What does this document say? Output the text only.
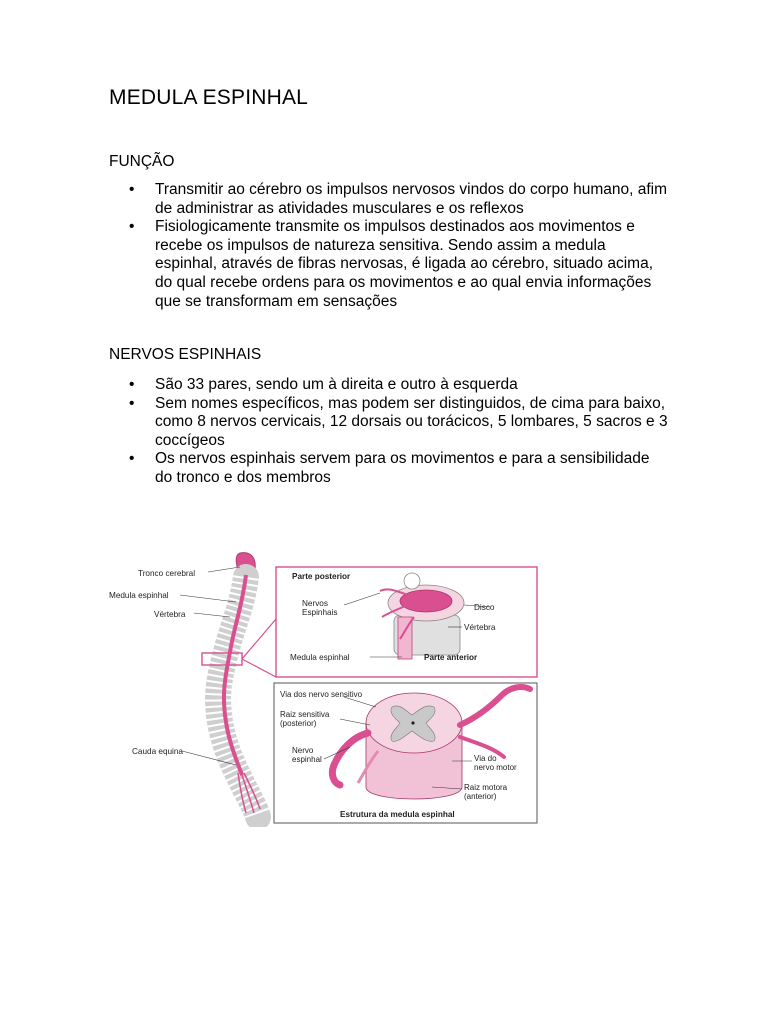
MEDULA ESPINHAL
FUNÇÃO
• Transmitir ao cérebro os impulsos nervosos vindos do corpo humano, afim de administrar as atividades musculares e os reflexos
• Fisiologicamente transmite os impulsos destinados aos movimentos e recebe os impulsos de natureza sensitiva. Sendo assim a medula espinhal, através de fibras nervosas, é ligada ao cérebro, situado acima, do qual recebe ordens para os movimentos e ao qual envia informações que se transformam em sensações
NERVOS ESPINHAIS
• São 33 pares, sendo um à direita e outro à esquerda
• Sem nomes específicos, mas podem ser distinguidos, de cima para baixo, como 8 nervos cervicais, 12 dorsais ou torácicos, 5 lombares, 5 sacros e 3 coccígeos
• Os nervos espinhais servem para os movimentos e para a sensibilidade do tronco e dos membros
Tronco cerebral
Medula espinhal
Vértebra
Cauda equina
Parte posterior
Nervos
Espinhais
Disco
Vértebra
Medula espinhal	Parte anterior
Via dos nervo sensitivo
Raiz sensitiva
(posterior)
Nervo
espinhal	Via do
nervo motor
Raiz motora
(anterior)
Estrutura da medula espinhal
